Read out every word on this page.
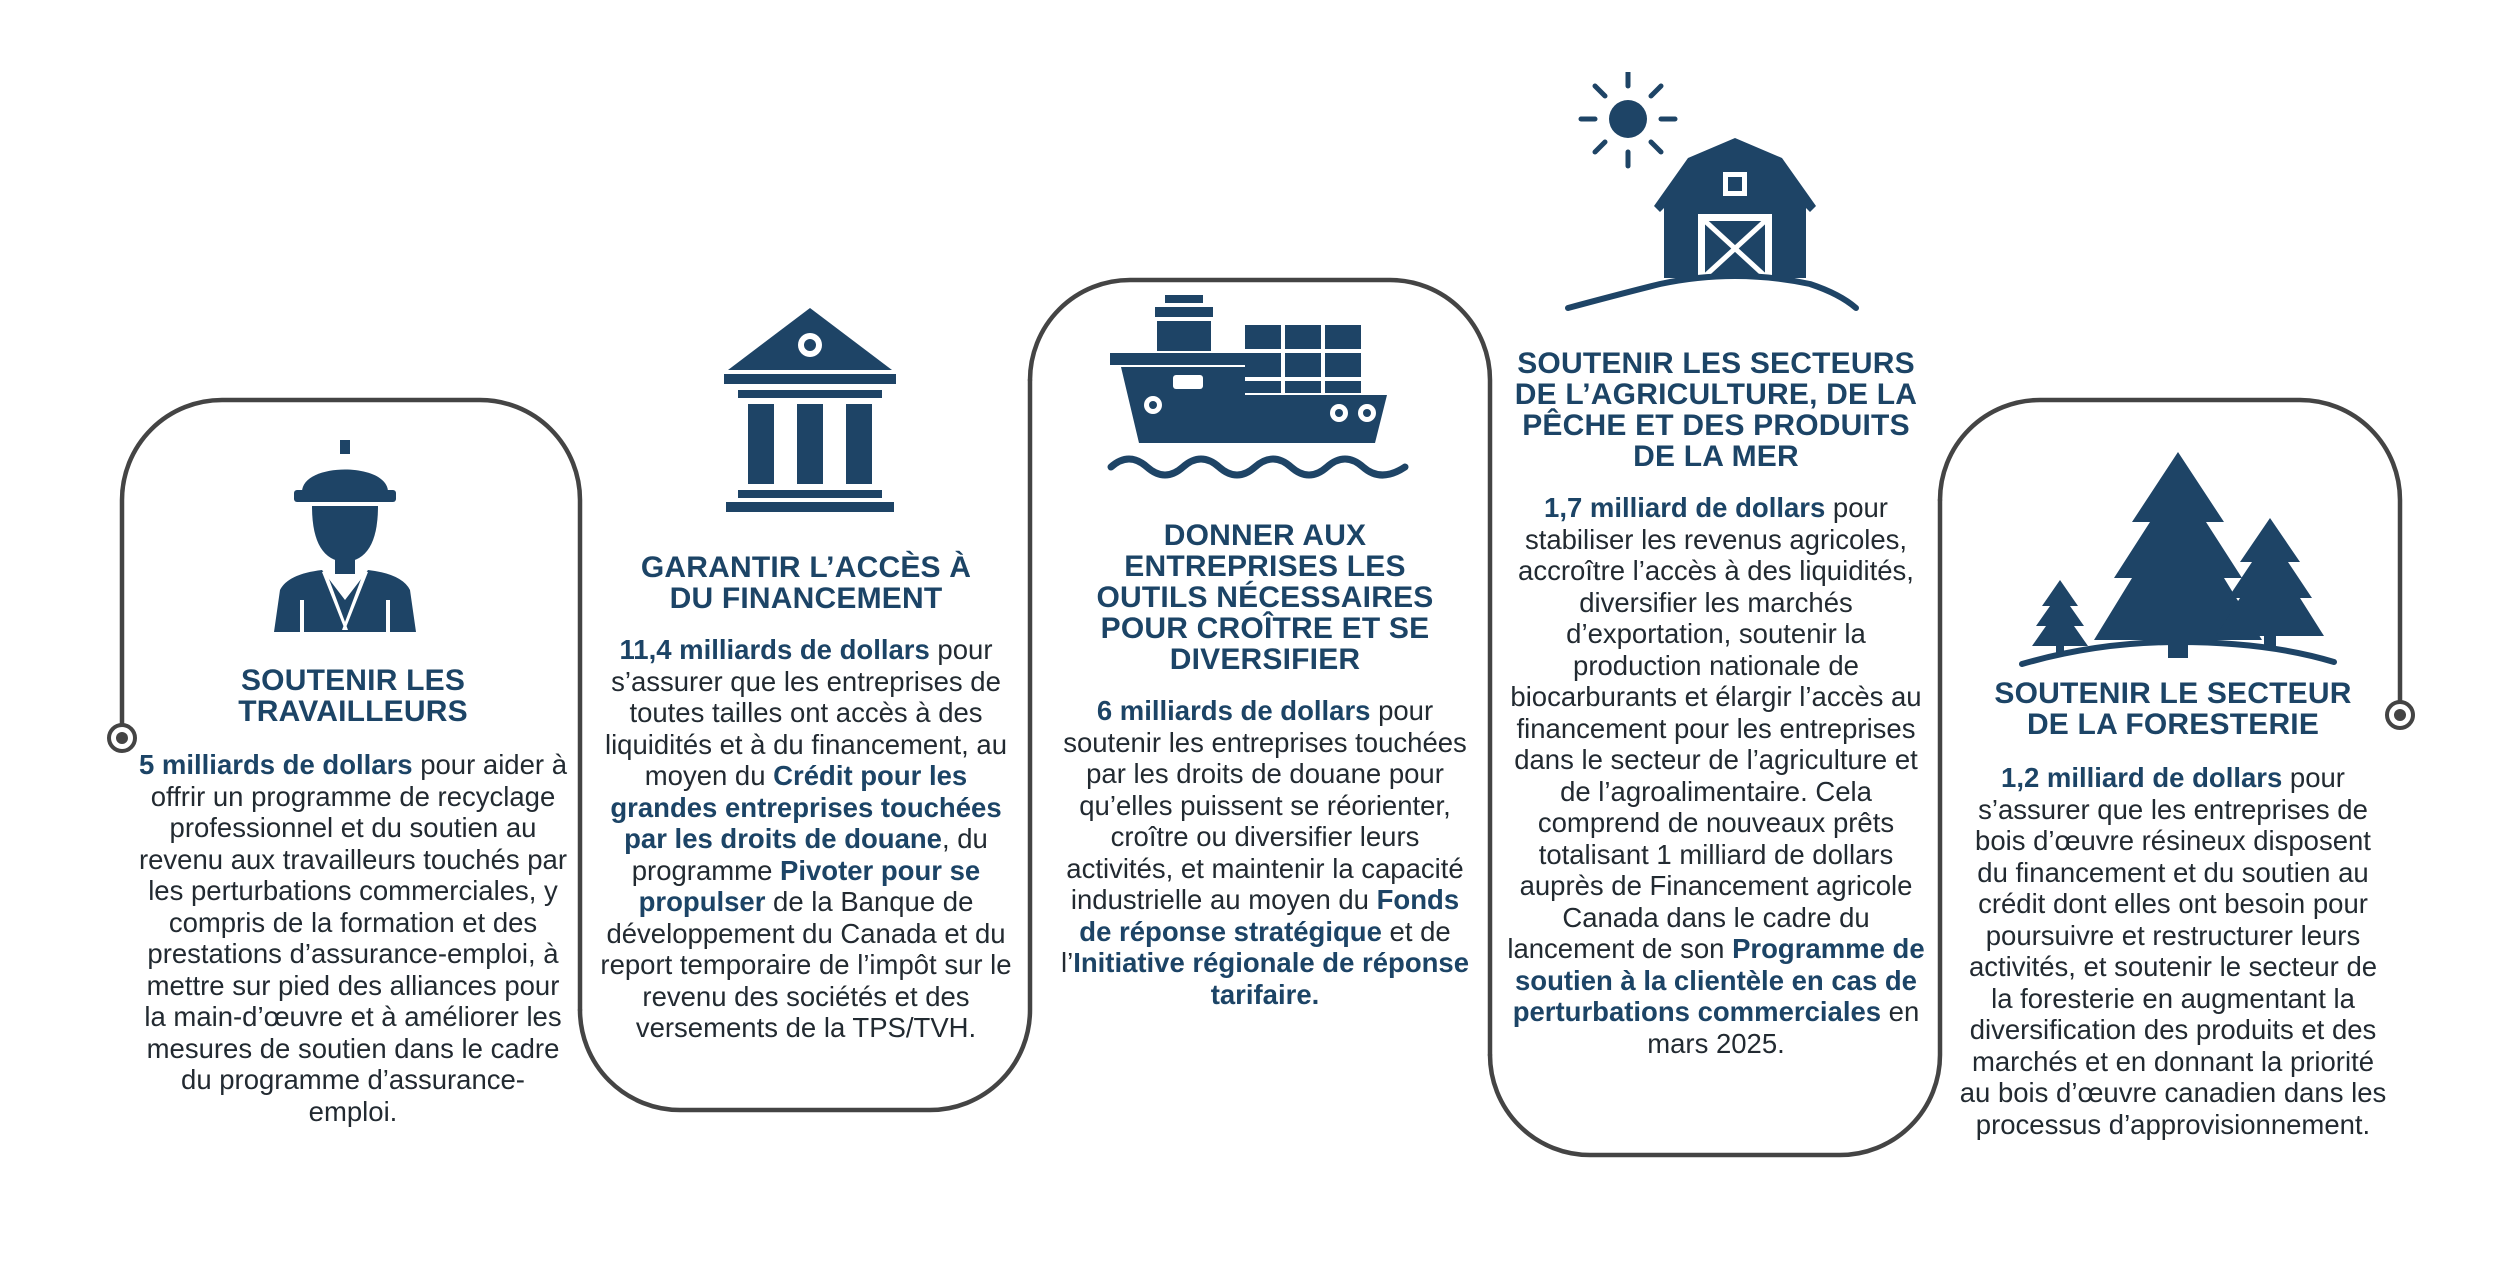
SOUTENIR LES
TRAVAILLEURS

5 milliards de dollars pour aider à offrir un programme de recyclage professionnel et du soutien au revenu aux travailleurs touchés par les perturbations commerciales, y compris de la formation et des prestations d’assurance-emploi, à mettre sur pied des alliances pour la main-d’œuvre et à améliorer les mesures de soutien dans le cadre du programme d’assurance-emploi.

GARANTIR L’ACCÈS À
DU FINANCEMENT

11,4 milliards de dollars pour s’assurer que les entreprises de toutes tailles ont accès à des liquidités et à du financement, au moyen du Crédit pour les grandes entreprises touchées par les droits de douane, du programme Pivoter pour se propulser de la Banque de développement du Canada et du report temporaire de l’impôt sur le revenu des sociétés et des versements de la TPS/TVH.

DONNER AUX
ENTREPRISES LES
OUTILS NÉCESSAIRES
POUR CROÎTRE ET SE
DIVERSIFIER

6 milliards de dollars pour soutenir les entreprises touchées par les droits de douane pour qu’elles puissent se réorienter, croître ou diversifier leurs activités, et maintenir la capacité industrielle au moyen du Fonds de réponse stratégique et de l’Initiative régionale de réponse tarifaire.

SOUTENIR LES SECTEURS
DE L’AGRICULTURE, DE LA
PÊCHE ET DES PRODUITS
DE LA MER

1,7 milliard de dollars pour stabiliser les revenus agricoles, accroître l’accès à des liquidités, diversifier les marchés d’exportation, soutenir la production nationale de biocarburants et élargir l’accès au financement pour les entreprises dans le secteur de l’agriculture et de l’agroalimentaire. Cela comprend de nouveaux prêts totalisant 1 milliard de dollars auprès de Financement agricole Canada dans le cadre du lancement de son Programme de soutien à la clientèle en cas de perturbations commerciales en mars 2025.

SOUTENIR LE SECTEUR
DE LA FORESTERIE

1,2 milliard de dollars pour s’assurer que les entreprises de bois d’œuvre résineux disposent du financement et du soutien au crédit dont elles ont besoin pour poursuivre et restructurer leurs activités, et soutenir le secteur de la foresterie en augmentant la diversification des produits et des marchés et en donnant la priorité au bois d’œuvre canadien dans les processus d’approvisionnement.
